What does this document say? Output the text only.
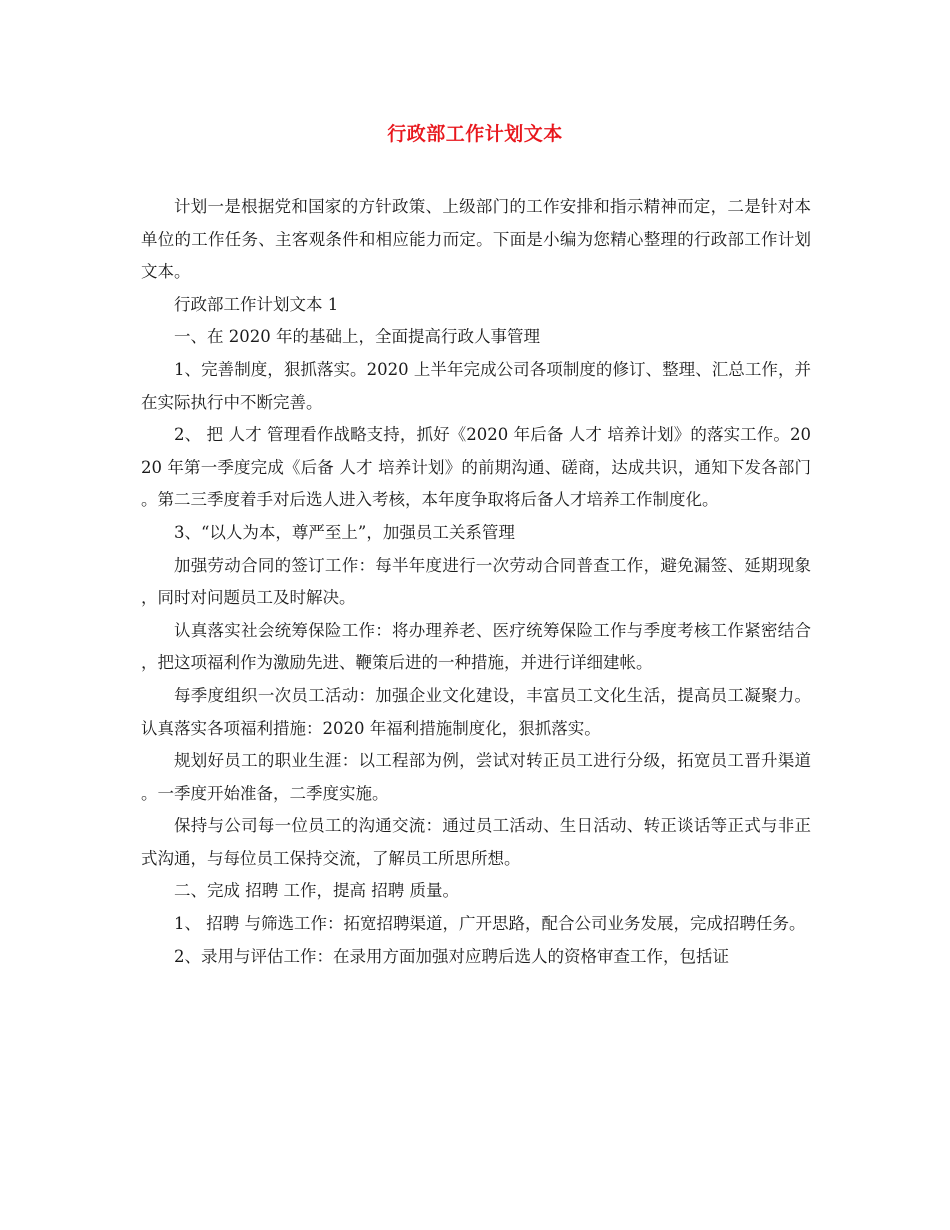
行政部工作计划文本

计划一是根据党和国家的方针政策、上级部门的工作安排和指示精神而定，二是针对本单位的工作任务、主客观条件和相应能力而定。下面是小编为您精心整理的行政部工作计划文本。

行政部工作计划文本 1

一、在 2020 年的基础上，全面提高行政人事管理

1、完善制度，狠抓落实。2020 上半年完成公司各项制度的修订、整理、汇总工作，并在实际执行中不断完善。

2、 把 人才 管理看作战略支持，抓好《2020 年后备 人才 培养计划》的落实工作。2020 年第一季度完成《后备 人才 培养计划》的前期沟通、磋商，达成共识，通知下发各部门。第二三季度着手对后选人进入考核，本年度争取将后备人才培养工作制度化。

3、“以人为本，尊严至上”，加强员工关系管理

加强劳动合同的签订工作：每半年度进行一次劳动合同普查工作，避免漏签、延期现象，同时对问题员工及时解决。

认真落实社会统筹保险工作：将办理养老、医疗统筹保险工作与季度考核工作紧密结合，把这项福利作为激励先进、鞭策后进的一种措施，并进行详细建帐。

每季度组织一次员工活动：加强企业文化建设，丰富员工文化生活，提高员工凝聚力。 认真落实各项福利措施：2020 年福利措施制度化，狠抓落实。

规划好员工的职业生涯：以工程部为例，尝试对转正员工进行分级，拓宽员工晋升渠道。一季度开始准备，二季度实施。

保持与公司每一位员工的沟通交流：通过员工活动、生日活动、转正谈话等正式与非正式沟通，与每位员工保持交流，了解员工所思所想。

二、完成 招聘 工作，提高 招聘 质量。

1、 招聘 与筛选工作：拓宽招聘渠道，广开思路，配合公司业务发展，完成招聘任务。

2、录用与评估工作：在录用方面加强对应聘后选人的资格审查工作，包括证
